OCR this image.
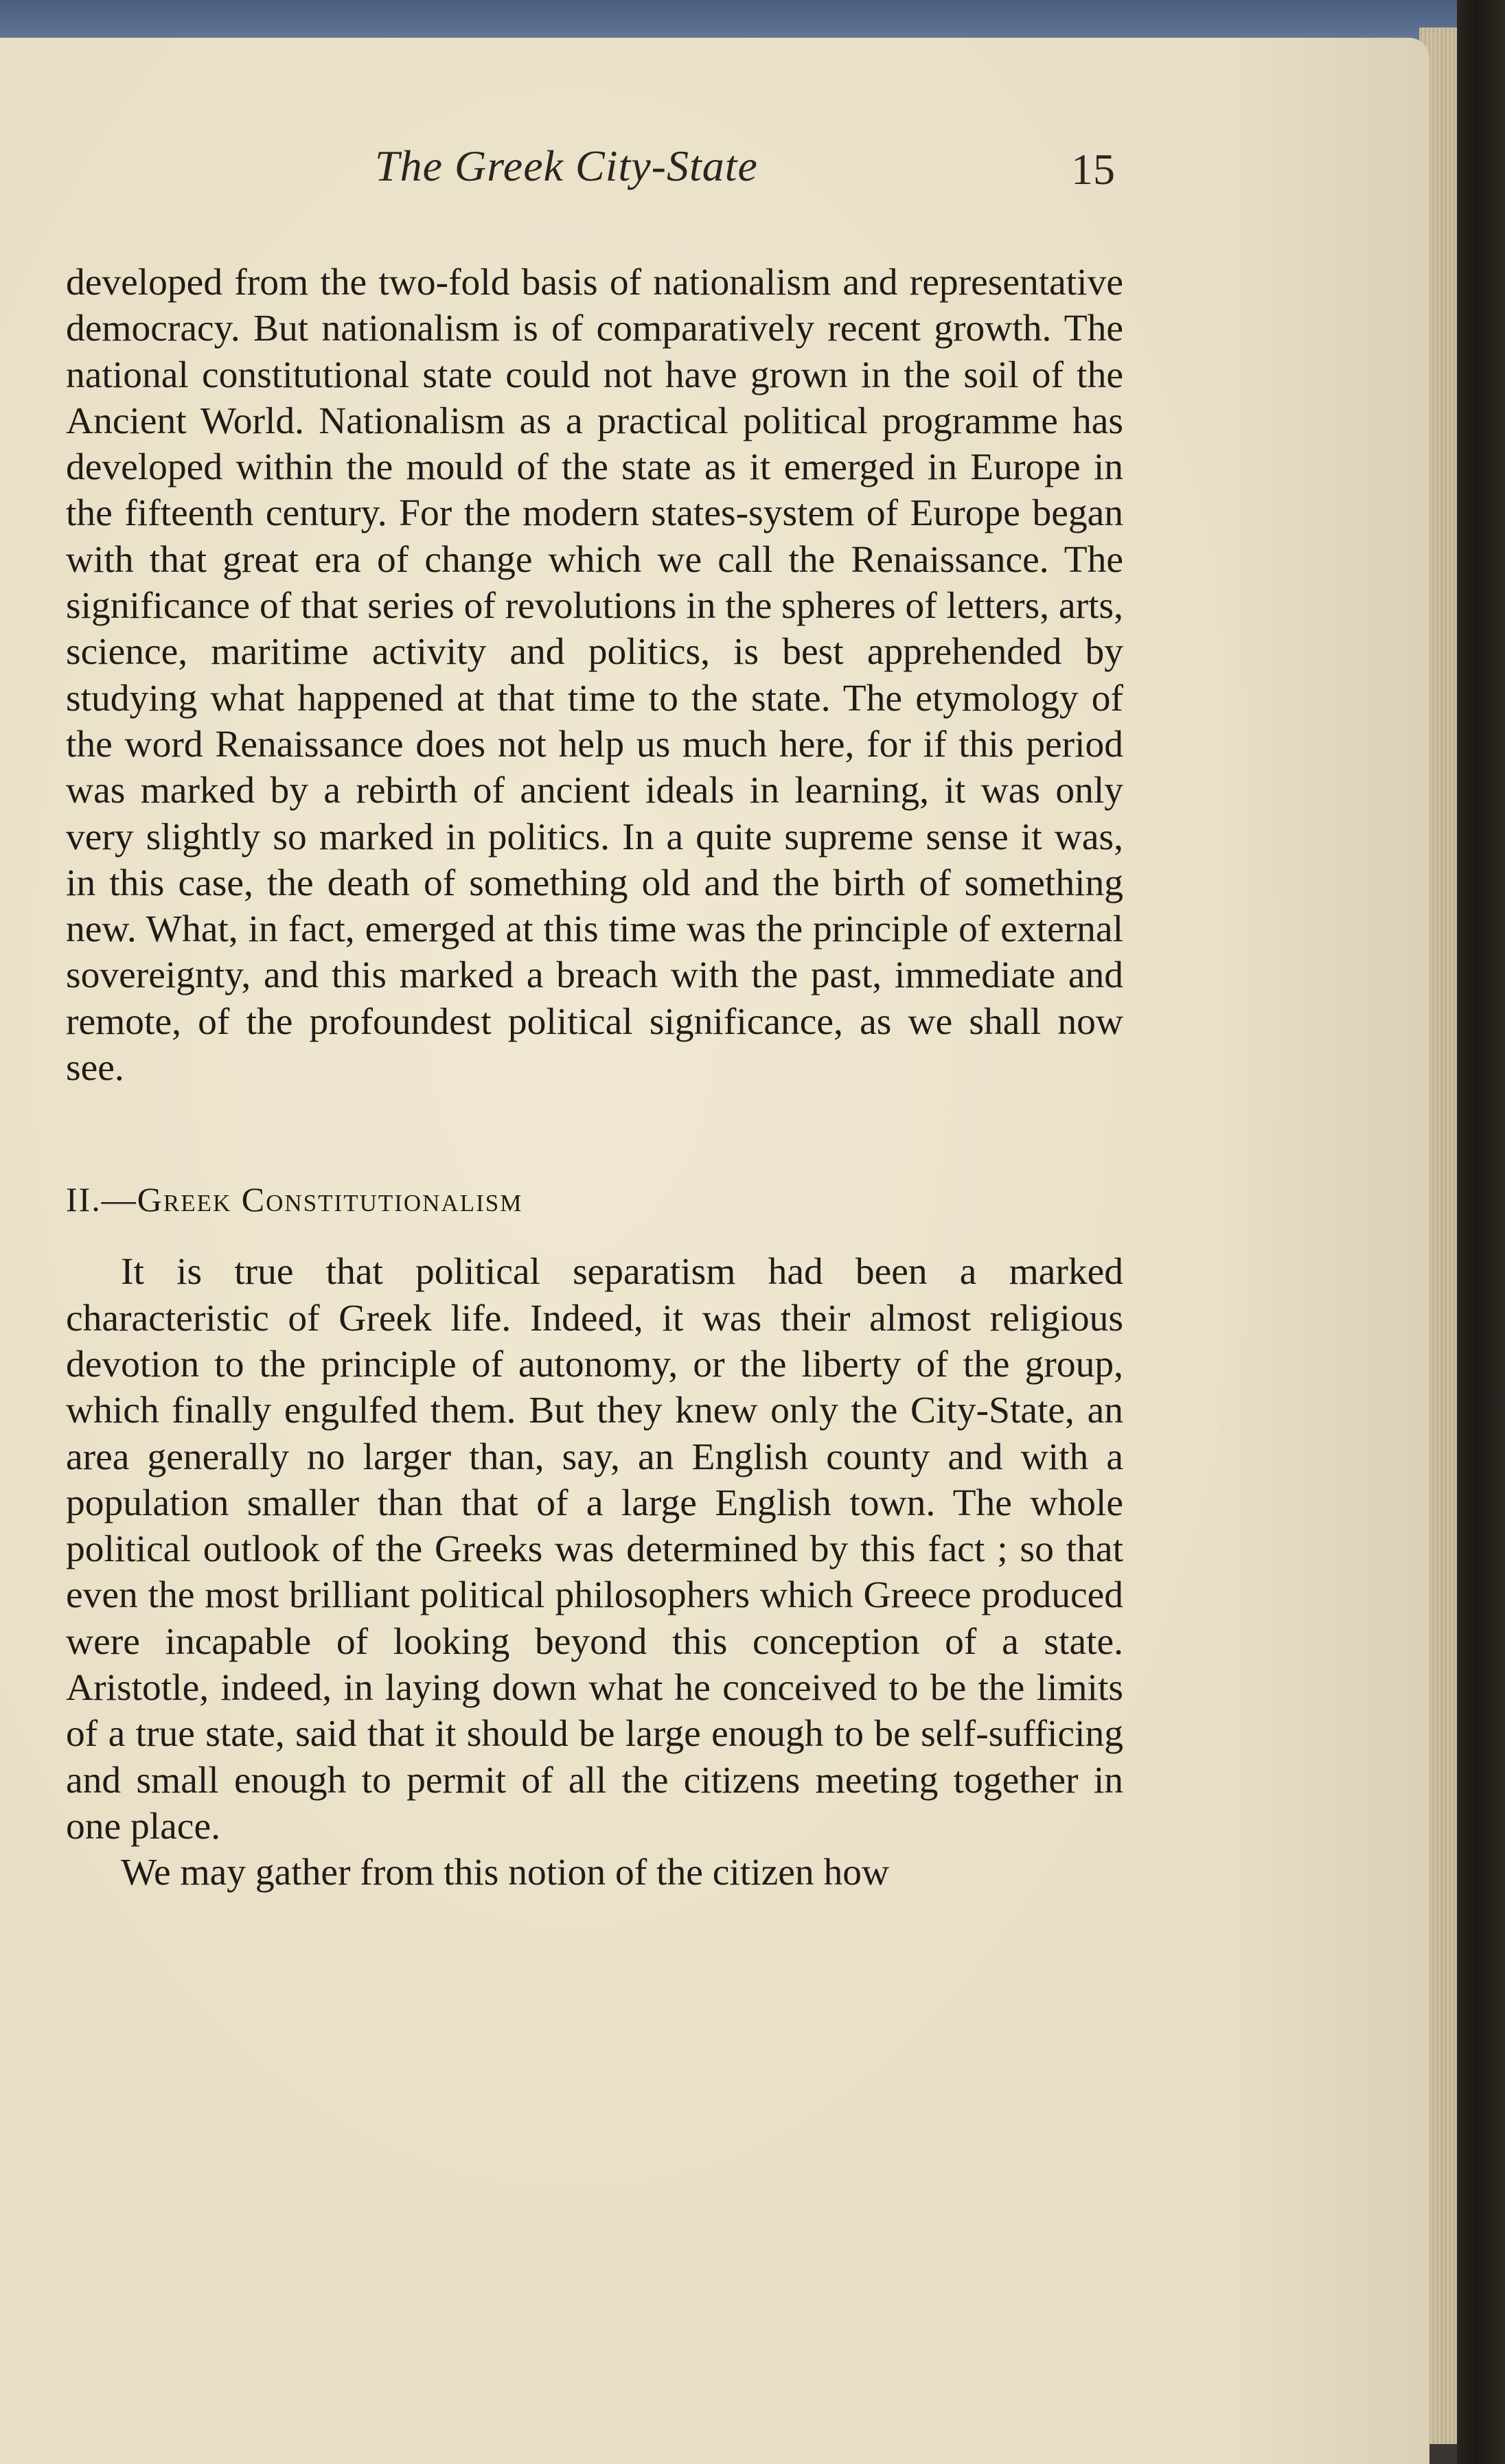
The Greek City-State	15

developed from the two-fold basis of nationalism and representative democracy. But nationalism is of comparatively recent growth. The national constitutional state could not have grown in the soil of the Ancient World. Nationalism as a practical political programme has developed within the mould of the state as it emerged in Europe in the fifteenth century. For the modern states-system of Europe began with that great era of change which we call the Renaissance. The significance of that series of revolutions in the spheres of letters, arts, science, maritime activity and politics, is best apprehended by studying what happened at that time to the state. The etymology of the word Renaissance does not help us much here, for if this period was marked by a rebirth of ancient ideals in learning, it was only very slightly so marked in politics. In a quite supreme sense it was, in this case, the death of something old and the birth of something new. What, in fact, emerged at this time was the principle of external sovereignty, and this marked a breach with the past, immediate and remote, of the profoundest political significance, as we shall now see.

II.—Greek Constitutionalism

It is true that political separatism had been a marked characteristic of Greek life. Indeed, it was their almost religious devotion to the principle of autonomy, or the liberty of the group, which finally engulfed them. But they knew only the City-State, an area generally no larger than, say, an English county and with a population smaller than that of a large English town. The whole political outlook of the Greeks was determined by this fact ; so that even the most brilliant political philosophers which Greece produced were incapable of looking beyond this conception of a state. Aristotle, indeed, in laying down what he conceived to be the limits of a true state, said that it should be large enough to be self-sufficing and small enough to permit of all the citizens meeting together in one place.

We may gather from this notion of the citizen how
